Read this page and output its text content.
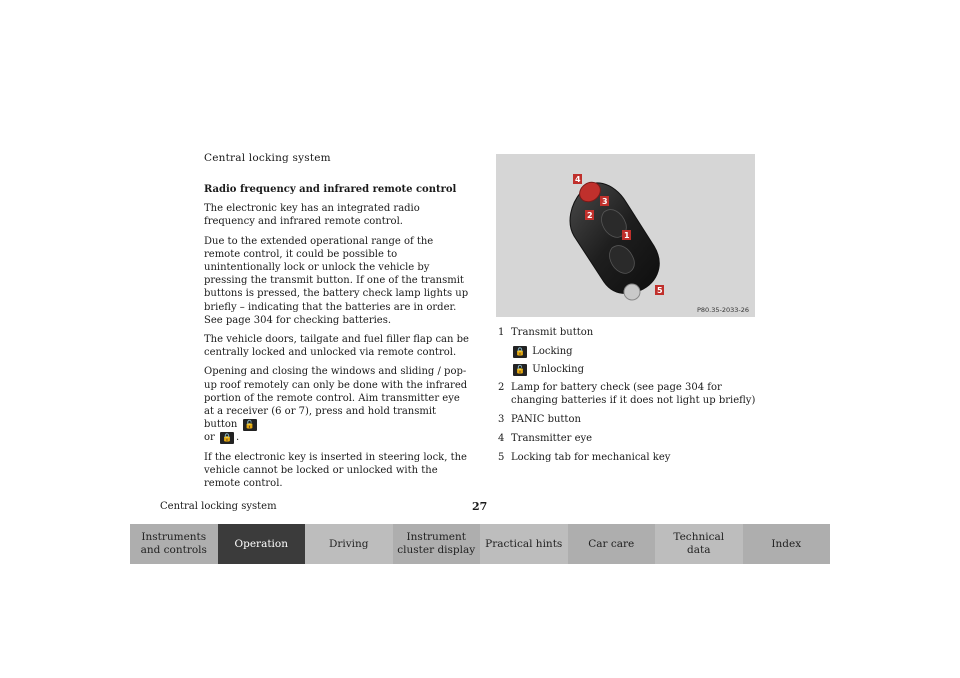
Central locking system
Radio frequency and infrared remote control

The electronic key has an integrated radio frequency and infrared remote control.

Due to the extended operational range of the remote control, it could be possible to unintentionally lock or unlock the vehicle by pressing the transmit button. If one of the transmit buttons is pressed, the battery check lamp lights up briefly – indicating that the batteries are in order. See page 304 for checking batteries.

The vehicle doors, tailgate and fuel filler flap can be centrally locked and unlocked via remote control.

Opening and closing the windows and sliding / pop-up roof remotely can only be done with the infrared portion of the remote control. Aim transmitter eye at a receiver (6 or 7), press and hold transmit button 🔓
or 🔒 .

If the electronic key is inserted in steering lock, the vehicle cannot be locked or unlocked with the remote control.

4
3
2
1
5
P80.35-2033-26
1 Transmit button
🔒 Locking
🔓 Unlocking
2 Lamp for battery check (see page 304 for changing batteries if it does not light up briefly)
3 PANIC button
4 Transmitter eye
5 Locking tab for mechanical key
Central locking system	27
Instruments
and controls
Operation	Driving
Instrument
cluster display
Practical hints	Car care
Technical
data
Index
